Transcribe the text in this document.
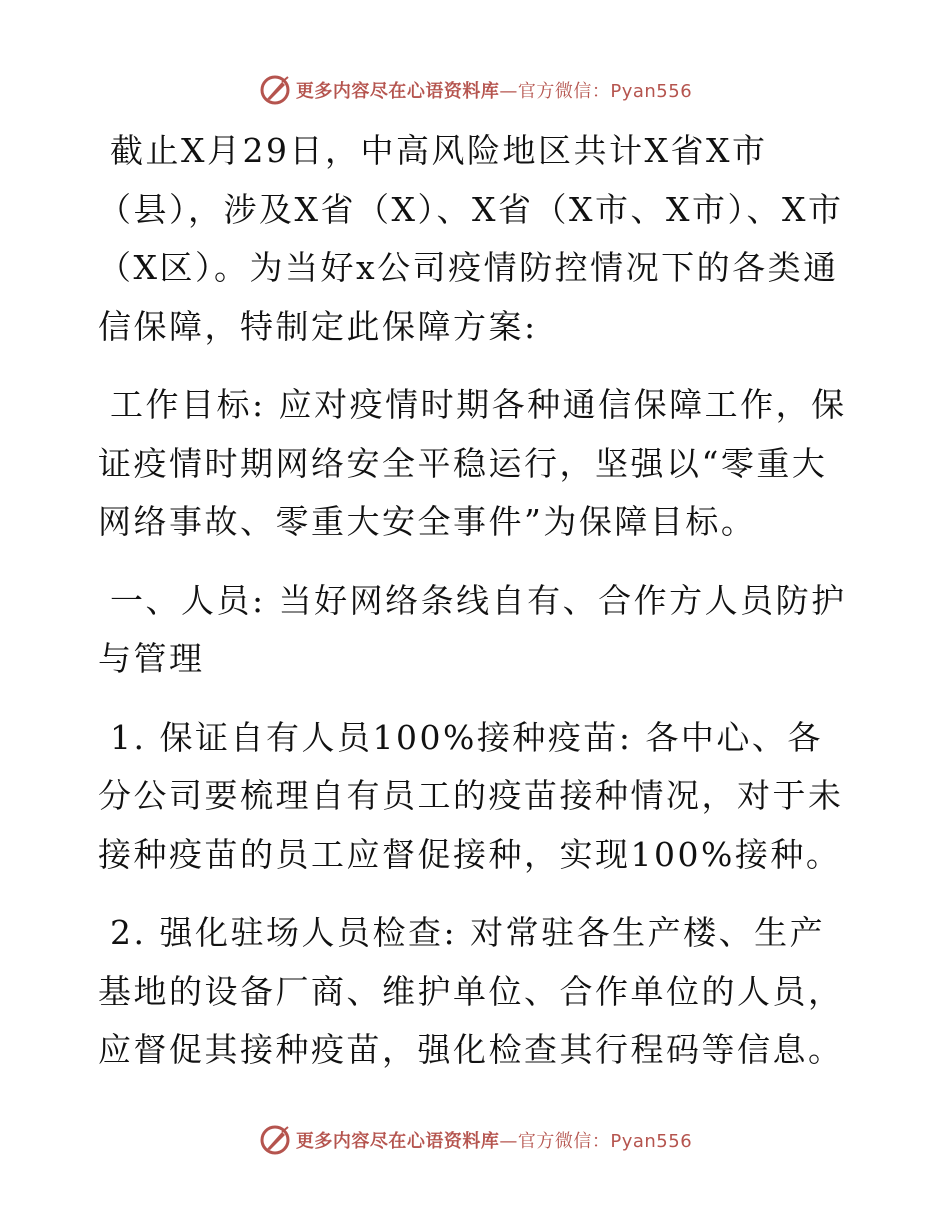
更多内容尽在心语资料库—官方微信：Pyan556

截止X月29日，中高风险地区共计X省X市（县），涉及X省（X）、X省（X市、X市）、X市（X区）。为当好x公司疫情防控情况下的各类通信保障，特制定此保障方案:

工作目标: 应对疫情时期各种通信保障工作，保证疫情时期网络安全平稳运行，坚强以“零重大网络事故、零重大安全事件”为保障目标。

一、人员: 当好网络条线自有、合作方人员防护与管理

1. 保证自有人员100%接种疫苗: 各中心、各分公司要梳理自有员工的疫苗接种情况，对于未接种疫苗的员工应督促接种，实现100%接种。

2. 强化驻场人员检查: 对常驻各生产楼、生产基地的设备厂商、维护单位、合作单位的人员，应督促其接种疫苗，强化检查其行程码等信息。

更多内容尽在心语资料库—官方微信：Pyan556
